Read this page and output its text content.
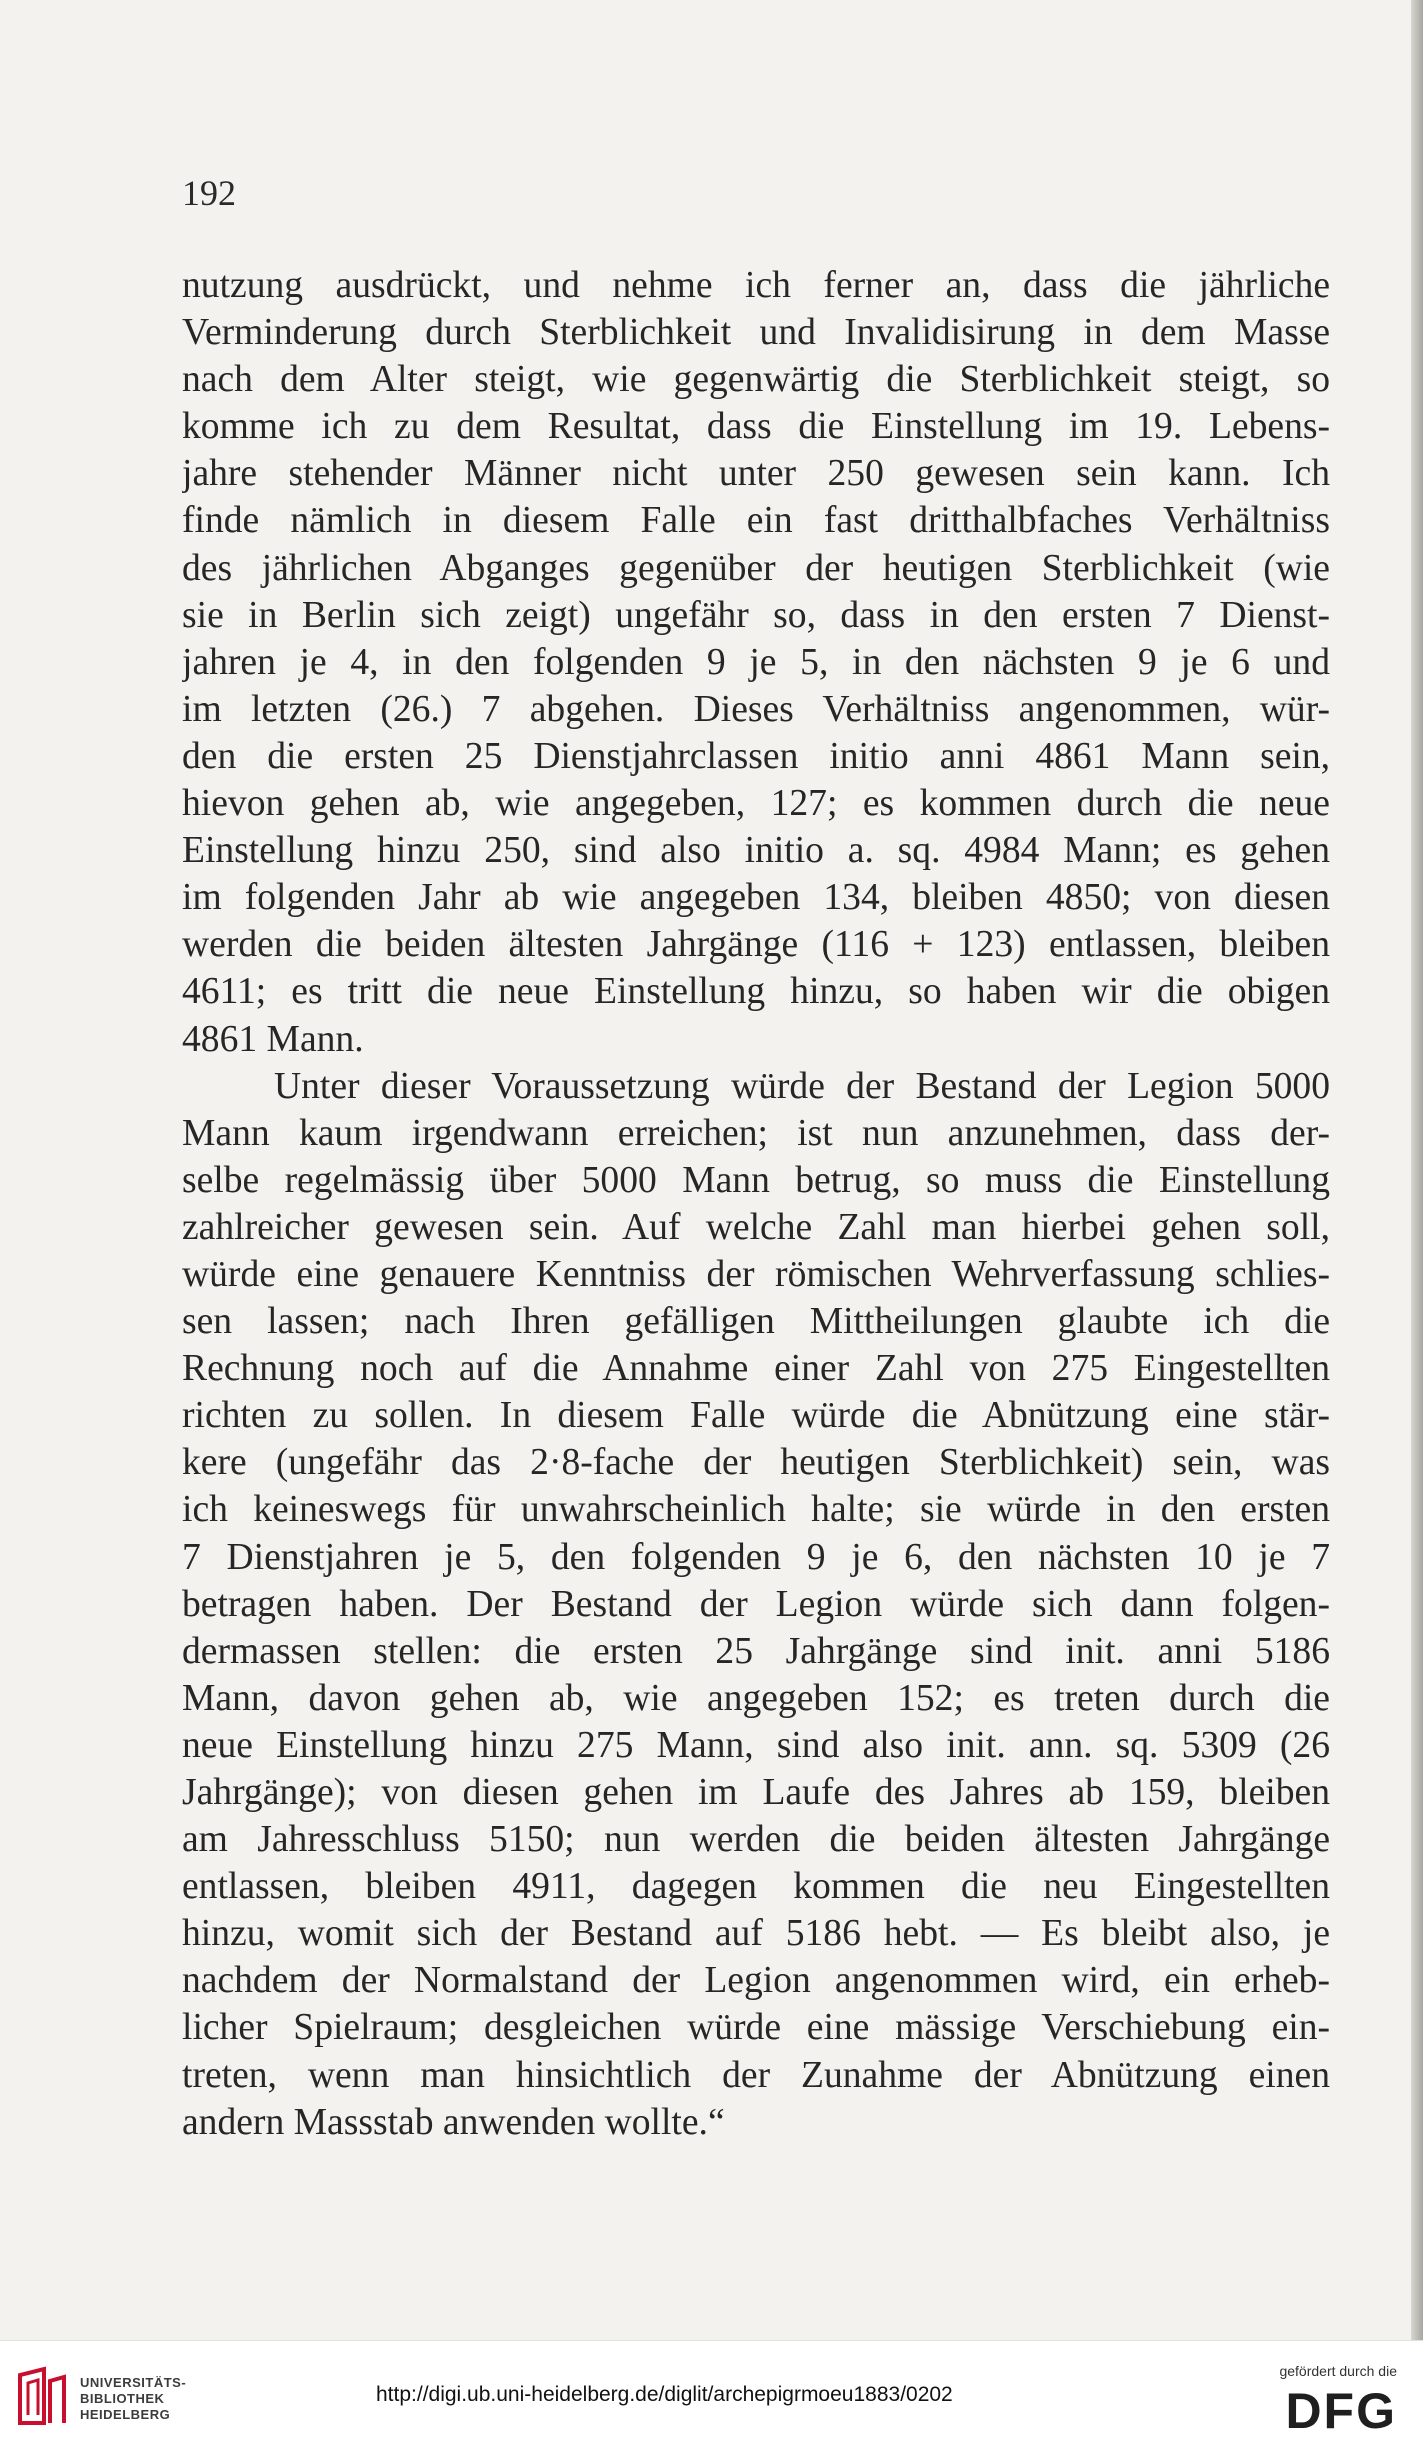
192
nutzung ausdrückt, und nehme ich ferner an, dass die jährliche
Verminderung durch Sterblichkeit und Invalidisirung in dem Masse
nach dem Alter steigt, wie gegenwärtig die Sterblichkeit steigt, so
komme ich zu dem Resultat, dass die Einstellung im 19. Lebens-
jahre stehender Männer nicht unter 250 gewesen sein kann. Ich
finde nämlich in diesem Falle ein fast dritthalbfaches Verhältniss
des jährlichen Abganges gegenüber der heutigen Sterblichkeit (wie
sie in Berlin sich zeigt) ungefähr so, dass in den ersten 7 Dienst-
jahren je 4, in den folgenden 9 je 5, in den nächsten 9 je 6 und
im letzten (26.) 7 abgehen. Dieses Verhältniss angenommen, wür-
den die ersten 25 Dienstjahrclassen initio anni 4861 Mann sein,
hievon gehen ab, wie angegeben, 127; es kommen durch die neue
Einstellung hinzu 250, sind also initio a. sq. 4984 Mann; es gehen
im folgenden Jahr ab wie angegeben 134, bleiben 4850; von diesen
werden die beiden ältesten Jahrgänge (116 + 123) entlassen, bleiben
4611; es tritt die neue Einstellung hinzu, so haben wir die obigen
4861 Mann.
Unter dieser Voraussetzung würde der Bestand der Legion 5000
Mann kaum irgendwann erreichen; ist nun anzunehmen, dass der-
selbe regelmässig über 5000 Mann betrug, so muss die Einstellung
zahlreicher gewesen sein. Auf welche Zahl man hierbei gehen soll,
würde eine genauere Kenntniss der römischen Wehrverfassung schlies-
sen lassen; nach Ihren gefälligen Mittheilungen glaubte ich die
Rechnung noch auf die Annahme einer Zahl von 275 Eingestellten
richten zu sollen. In diesem Falle würde die Abnützung eine stär-
kere (ungefähr das 2·8-fache der heutigen Sterblichkeit) sein, was
ich keineswegs für unwahrscheinlich halte; sie würde in den ersten
7 Dienstjahren je 5, den folgenden 9 je 6, den nächsten 10 je 7
betragen haben. Der Bestand der Legion würde sich dann folgen-
dermassen stellen: die ersten 25 Jahrgänge sind init. anni 5186
Mann, davon gehen ab, wie angegeben 152; es treten durch die
neue Einstellung hinzu 275 Mann, sind also init. ann. sq. 5309 (26
Jahrgänge); von diesen gehen im Laufe des Jahres ab 159, bleiben
am Jahresschluss 5150; nun werden die beiden ältesten Jahrgänge
entlassen, bleiben 4911, dagegen kommen die neu Eingestellten
hinzu, womit sich der Bestand auf 5186 hebt. — Es bleibt also, je
nachdem der Normalstand der Legion angenommen wird, ein erheb-
licher Spielraum; desgleichen würde eine mässige Verschiebung ein-
treten, wenn man hinsichtlich der Zunahme der Abnützung einen
andern Massstab anwenden wollte.“
UNIVERSITÄTS-
BIBLIOTHEK
HEIDELBERG
http://digi.ub.uni-heidelberg.de/diglit/archepigrmoeu1883/0202
gefördert durch die
DFG
